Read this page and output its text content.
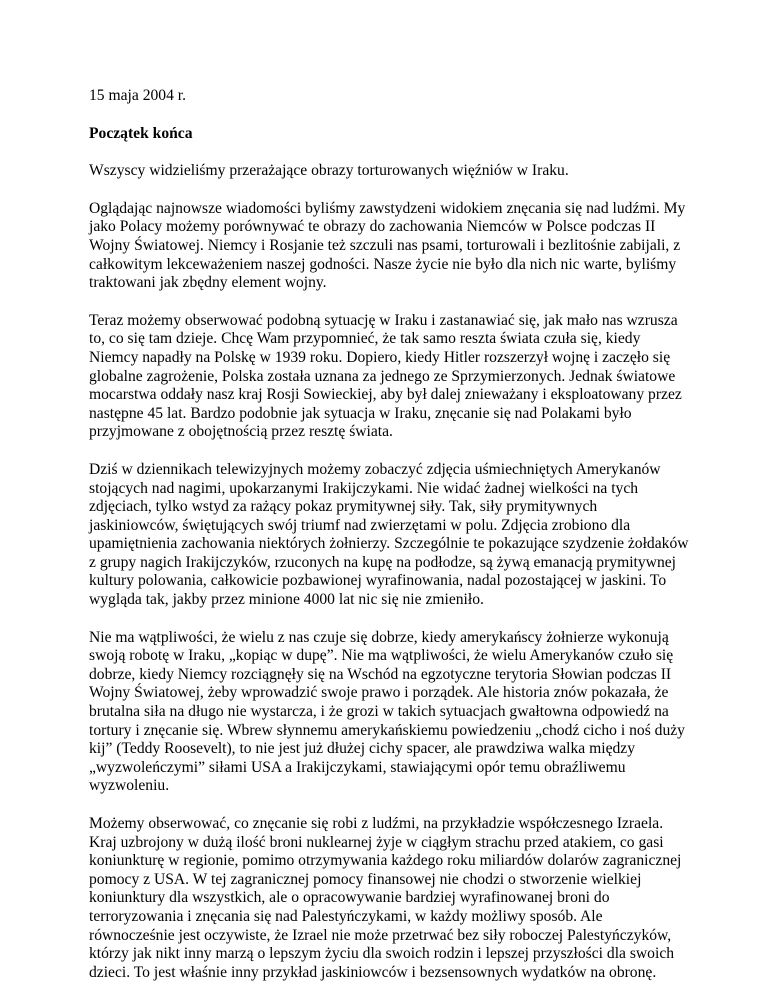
15 maja 2004 r.

Początek końca

Wszyscy widzieliśmy przerażające obrazy torturowanych więźniów w Iraku.

Oglądając najnowsze wiadomości byliśmy zawstydzeni widokiem znęcania się nad ludźmi. My jako Polacy możemy porównywać te obrazy do zachowania Niemców w Polsce podczas II Wojny Światowej. Niemcy i Rosjanie też szczuli nas psami, torturowali i bezlitośnie zabijali, z całkowitym lekceważeniem naszej godności. Nasze życie nie było dla nich nic warte, byliśmy traktowani jak zbędny element wojny.

Teraz możemy obserwować podobną sytuację w Iraku i zastanawiać się, jak mało nas wzrusza to, co się tam dzieje. Chcę Wam przypomnieć, że tak samo reszta świata czuła się, kiedy Niemcy napadły na Polskę w 1939 roku. Dopiero, kiedy Hitler rozszerzył wojnę i zaczęło się globalne zagrożenie, Polska została uznana za jednego ze Sprzymierzonych. Jednak światowe mocarstwa oddały nasz kraj Rosji Sowieckiej, aby był dalej znieważany i eksploatowany przez następne 45 lat. Bardzo podobnie jak sytuacja w Iraku, znęcanie się nad Polakami było przyjmowane z obojętnością przez resztę świata.

Dziś w dziennikach telewizyjnych możemy zobaczyć zdjęcia uśmiechniętych Amerykanów stojących nad nagimi, upokarzanymi Irakijczykami. Nie widać żadnej wielkości na tych zdjęciach, tylko wstyd za rażący pokaz prymitywnej siły. Tak, siły prymitywnych jaskiniowców, świętujących swój triumf nad zwierzętami w polu. Zdjęcia zrobiono dla upamiętnienia zachowania niektórych żołnierzy. Szczególnie te pokazujące szydzenie żołdaków z grupy nagich Irakijczyków, rzuconych na kupę na podłodze, są żywą emanacją prymitywnej kultury polowania, całkowicie pozbawionej wyrafinowania, nadal pozostającej w jaskini. To wygląda tak, jakby przez minione 4000 lat nic się nie zmieniło.

Nie ma wątpliwości, że wielu z nas czuje się dobrze, kiedy amerykańscy żołnierze wykonują swoją robotę w Iraku, „kopiąc w dupę”. Nie ma wątpliwości, że wielu Amerykanów czuło się dobrze, kiedy Niemcy rozciągnęły się na Wschód na egzotyczne terytoria Słowian podczas II Wojny Światowej, żeby wprowadzić swoje prawo i porządek. Ale historia znów pokazała, że brutalna siła na długo nie wystarcza, i że grozi w takich sytuacjach gwałtowna odpowiedź na tortury i znęcanie się. Wbrew słynnemu amerykańskiemu powiedzeniu „chodź cicho i noś duży kij” (Teddy Roosevelt), to nie jest już dłużej cichy spacer, ale prawdziwa walka między „wyzwoleńczymi” siłami USA a Irakijczykami, stawiającymi opór temu obraźliwemu wyzwoleniu.

Możemy obserwować, co znęcanie się robi z ludźmi, na przykładzie współczesnego Izraela. Kraj uzbrojony w dużą ilość broni nuklearnej żyje w ciągłym strachu przed atakiem, co gasi koniunkturę w regionie, pomimo otrzymywania każdego roku miliardów dolarów zagranicznej pomocy z USA. W tej zagranicznej pomocy finansowej nie chodzi o stworzenie wielkiej koniunktury dla wszystkich, ale o opracowywanie bardziej wyrafinowanej broni do terroryzowania i znęcania się nad Palestyńczykami, w każdy możliwy sposób. Ale równocześnie jest oczywiste, że Izrael nie może przetrwać bez siły roboczej Palestyńczyków, którzy jak nikt inny marzą o lepszym życiu dla swoich rodzin i lepszej przyszłości dla swoich dzieci. To jest właśnie inny przykład jaskiniowców i bezsensownych wydatków na obronę.
